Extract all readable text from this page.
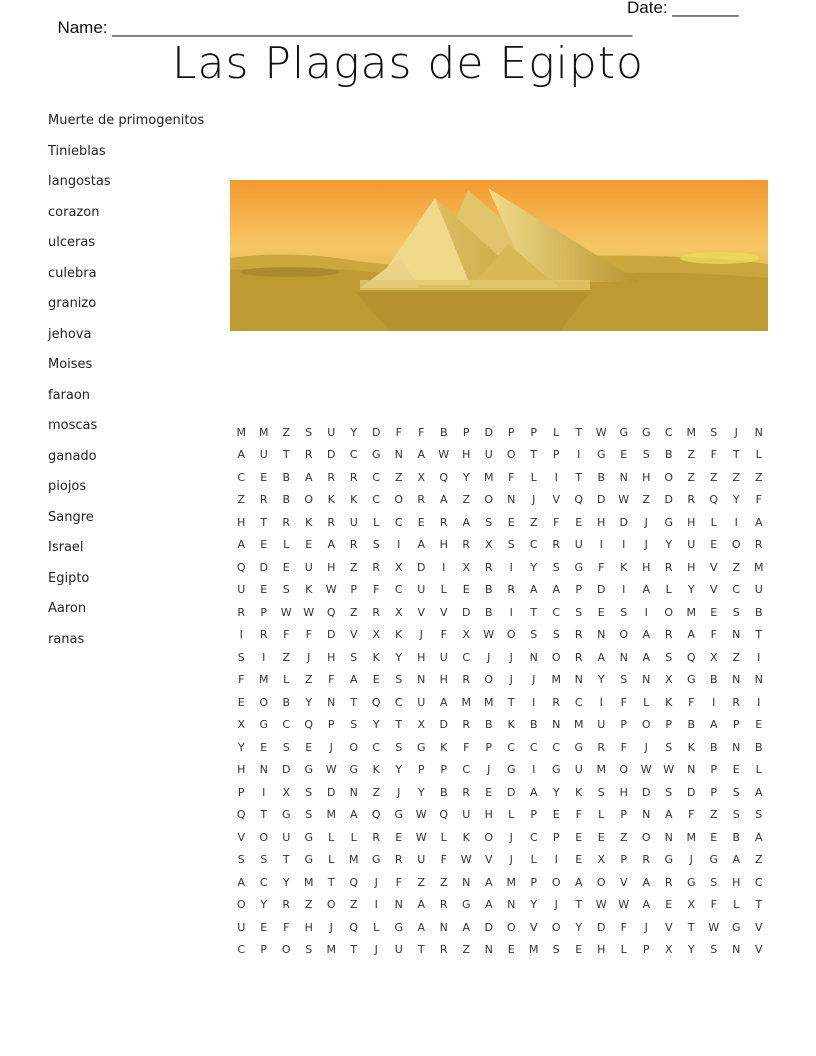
Name: _______________________________________________________

Date: _______

Las Plagas de Egipto
Muerte de primogenitos
Tinieblas
langostas
corazon
ulceras
culebra
granizo
jehova
Moises
faraon
moscas
ganado
piojos
Sangre
Israel
Egipto
Aaron
ranas
M	M	Z	S	U	Y	D	F	F	B	P	D	P	P	L	T	W	G	G	C	M	S	J	N
A	U	T	R	D	C	G	N	A	W	H	U	O	T	P	I	G	E	S	B	Z	F	T	L
C	E	B	A	R	R	C	Z	X	Q	Y	M	F	L	I	T	B	N	H	O	Z	Z	Z	Z
Z	R	B	O	K	K	C	O	R	A	Z	O	N	J	V	Q	D	W	Z	D	R	Q	Y	F
H	T	R	K	R	U	L	C	E	R	A	S	E	Z	F	E	H	D	J	G	H	L	I	A
A	E	L	E	A	R	S	I	A	H	R	X	S	C	R	U	I	I	J	Y	U	E	O	R
Q	D	E	U	H	Z	R	X	D	I	X	R	I	Y	S	G	F	K	H	R	H	V	Z	M
U	E	S	K	W	P	F	C	U	L	E	B	R	A	A	P	D	I	A	L	Y	V	C	U
R	P	W	W	Q	Z	R	X	V	V	D	B	I	T	C	S	E	S	I	O	M	E	S	B
I	R	F	F	D	V	X	K	J	F	X	W	O	S	S	R	N	O	A	R	A	F	N	T
S	I	Z	J	H	S	K	Y	H	U	C	J	J	N	O	R	A	N	A	S	Q	X	Z	I
F	M	L	Z	F	A	E	S	N	H	R	O	J	J	M	N	Y	S	N	X	G	B	N	N
E	O	B	Y	N	T	Q	C	U	A	M	M	T	I	R	C	I	F	L	K	F	I	R	I
X	G	C	Q	P	S	Y	T	X	D	R	B	K	B	N	M	U	P	O	P	B	A	P	E
Y	E	S	E	J	O	C	S	G	K	F	P	C	C	C	G	R	F	J	S	K	B	N	B
H	N	D	G	W	G	K	Y	P	P	C	J	G	I	G	U	M	O	W	W	N	P	E	L
P	I	X	S	D	N	Z	J	Y	B	R	E	D	A	Y	K	S	H	D	S	D	P	S	A
Q	T	G	S	M	A	Q	G	W	Q	U	H	L	P	E	F	L	P	N	A	F	Z	S	S
V	O	U	G	L	L	R	E	W	L	K	O	J	C	P	E	E	Z	O	N	M	E	B	A
S	S	T	G	L	M	G	R	U	F	W	V	J	L	I	E	X	P	R	G	J	G	A	Z
A	C	Y	M	T	Q	J	F	Z	Z	N	A	M	P	O	A	O	V	A	R	G	S	H	C
O	Y	R	Z	O	Z	I	N	A	R	G	A	N	Y	J	T	W	W	A	E	X	F	L	T
U	E	F	H	J	Q	L	G	A	N	A	D	O	V	O	Y	D	F	J	V	T	W	G	V
C	P	O	S	M	T	J	U	T	R	Z	N	E	M	S	E	H	L	P	X	Y	S	N	V
